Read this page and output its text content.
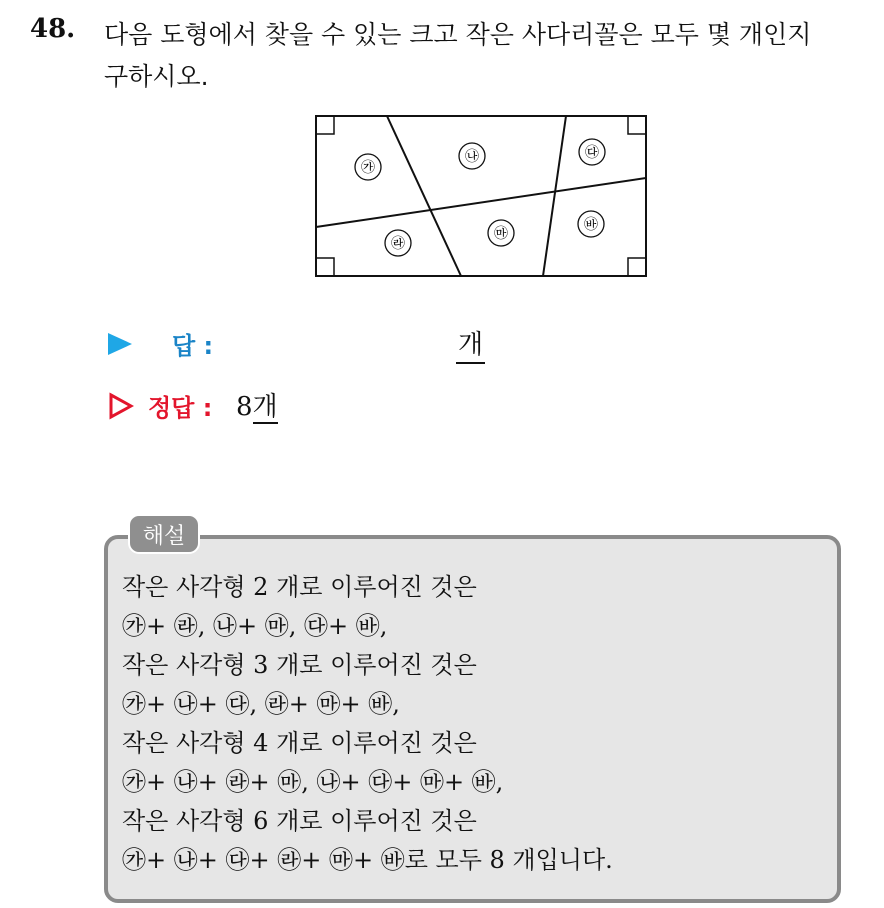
48. 다음 도형에서 찾을 수 있는 크고 작은 사다리꼴은 모두 몇 개인지
구하시오.
㉮
㉯	㉰
㉱
㉲
㉳
답 :	개
정답 : 8개
해설
작은 사각형 2 개로 이루어진 것은
㉮+ ㉱, ㉯+ ㉲, ㉰+ ㉳,
작은 사각형 3 개로 이루어진 것은
㉮+ ㉯+ ㉰, ㉱+ ㉲+ ㉳,
작은 사각형 4 개로 이루어진 것은
㉮+ ㉯+ ㉱+ ㉲, ㉯+ ㉰+ ㉲+ ㉳,
작은 사각형 6 개로 이루어진 것은
㉮+ ㉯+ ㉰+ ㉱+ ㉲+ ㉳로 모두 8 개입니다.
